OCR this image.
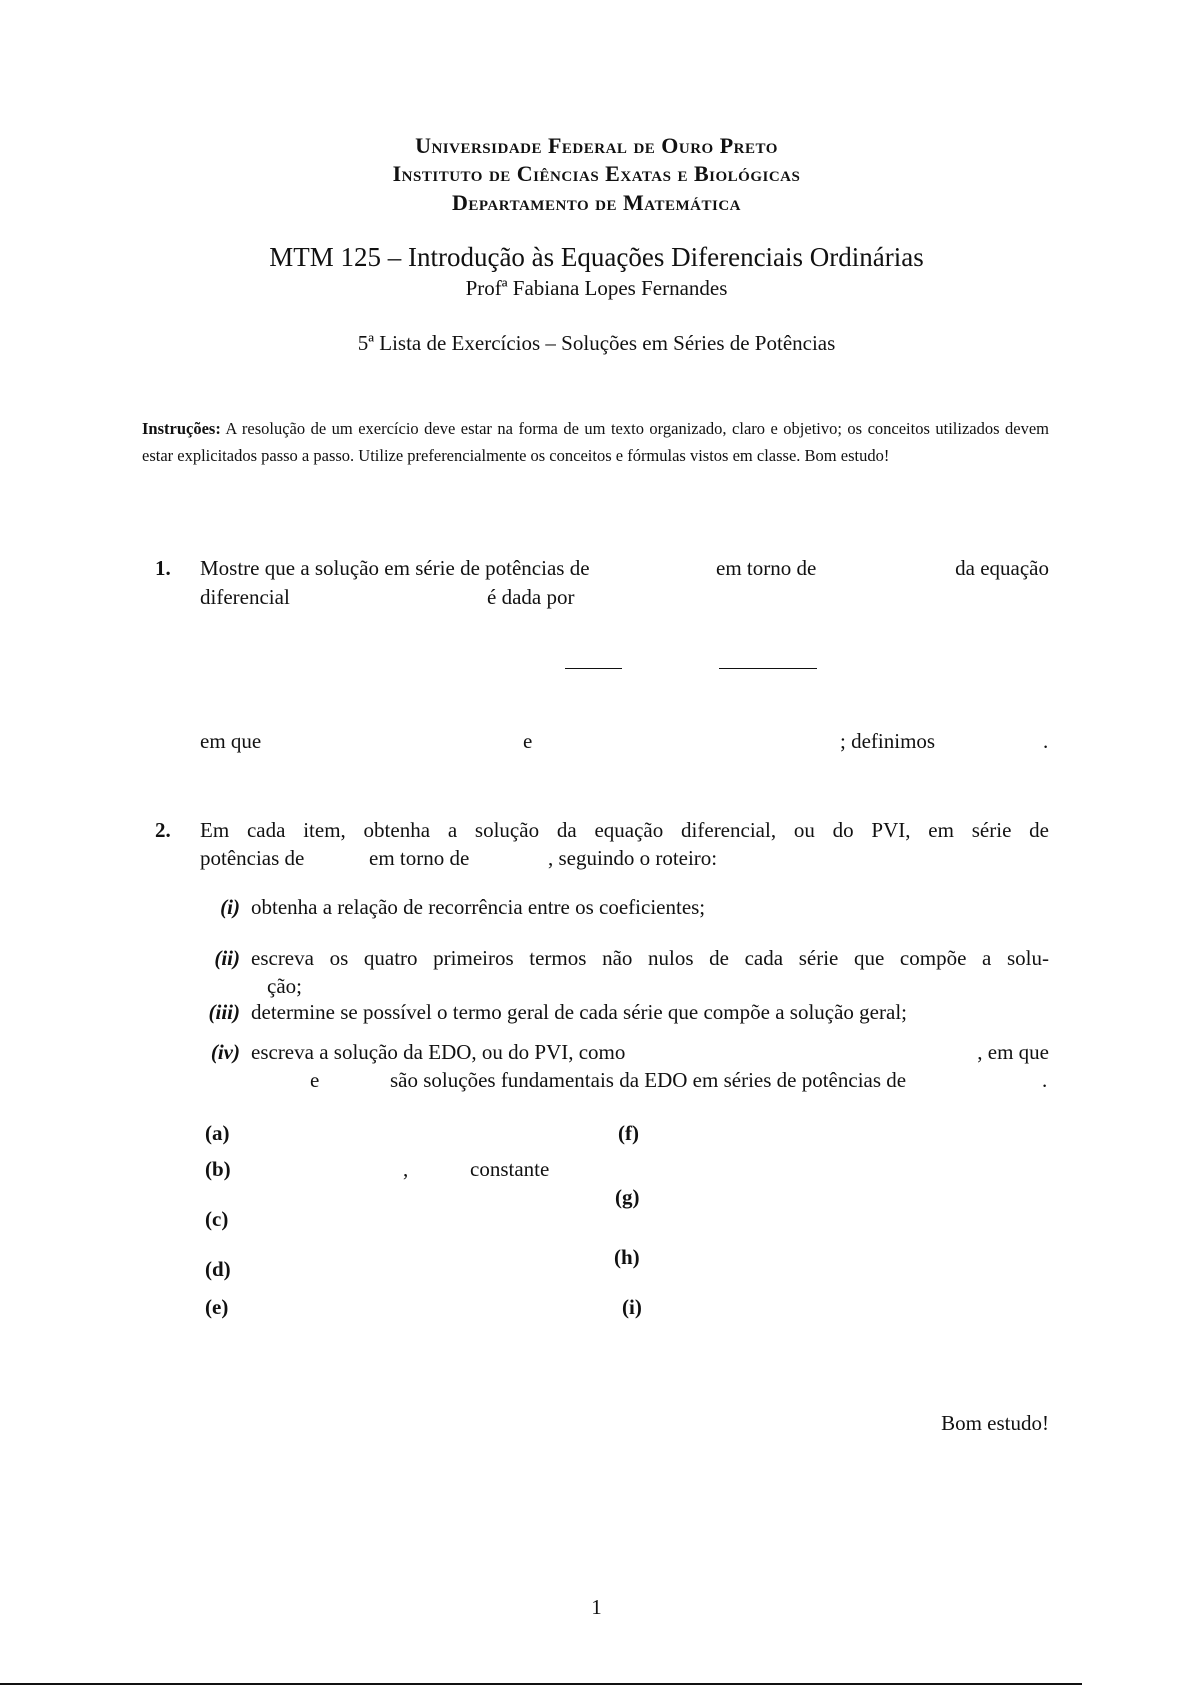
Universidade Federal de Ouro Preto
Instituto de Ciências Exatas e Biológicas
Departamento de Matemática
MTM 125 – Introdução às Equações Diferenciais Ordinárias
Profª Fabiana Lopes Fernandes
5ª Lista de Exercícios – Soluções em Séries de Potências
Instruções: A resolução de um exercício deve estar na forma de um texto organizado, claro e objetivo; os conceitos utilizados devem estar explicitados passo a passo. Utilize preferencialmente os conceitos e fórmulas vistos em classe. Bom estudo!
1. Mostre que a solução em série de potências de	em torno de	da equação
diferencial	é dada por
em que	e	; definimos	.
2. Em cada item, obtenha a solução da equação diferencial, ou do PVI, em série de
potências de	em torno de	, seguindo o roteiro:
(i) obtenha a relação de recorrência entre os coeficientes;
(ii) escreva os quatro primeiros termos não nulos de cada série que compõe a solu-
ção;
(iii) determine se possível o termo geral de cada série que compõe a solução geral;
(iv) escreva a solução da EDO, ou do PVI, como	, em que
e	são soluções fundamentais da EDO em séries de potências de	.
(a)
(b)	,	constante
(c)
(d)
(e)
(f)
(g)
(h)
(i)
Bom estudo!
1
